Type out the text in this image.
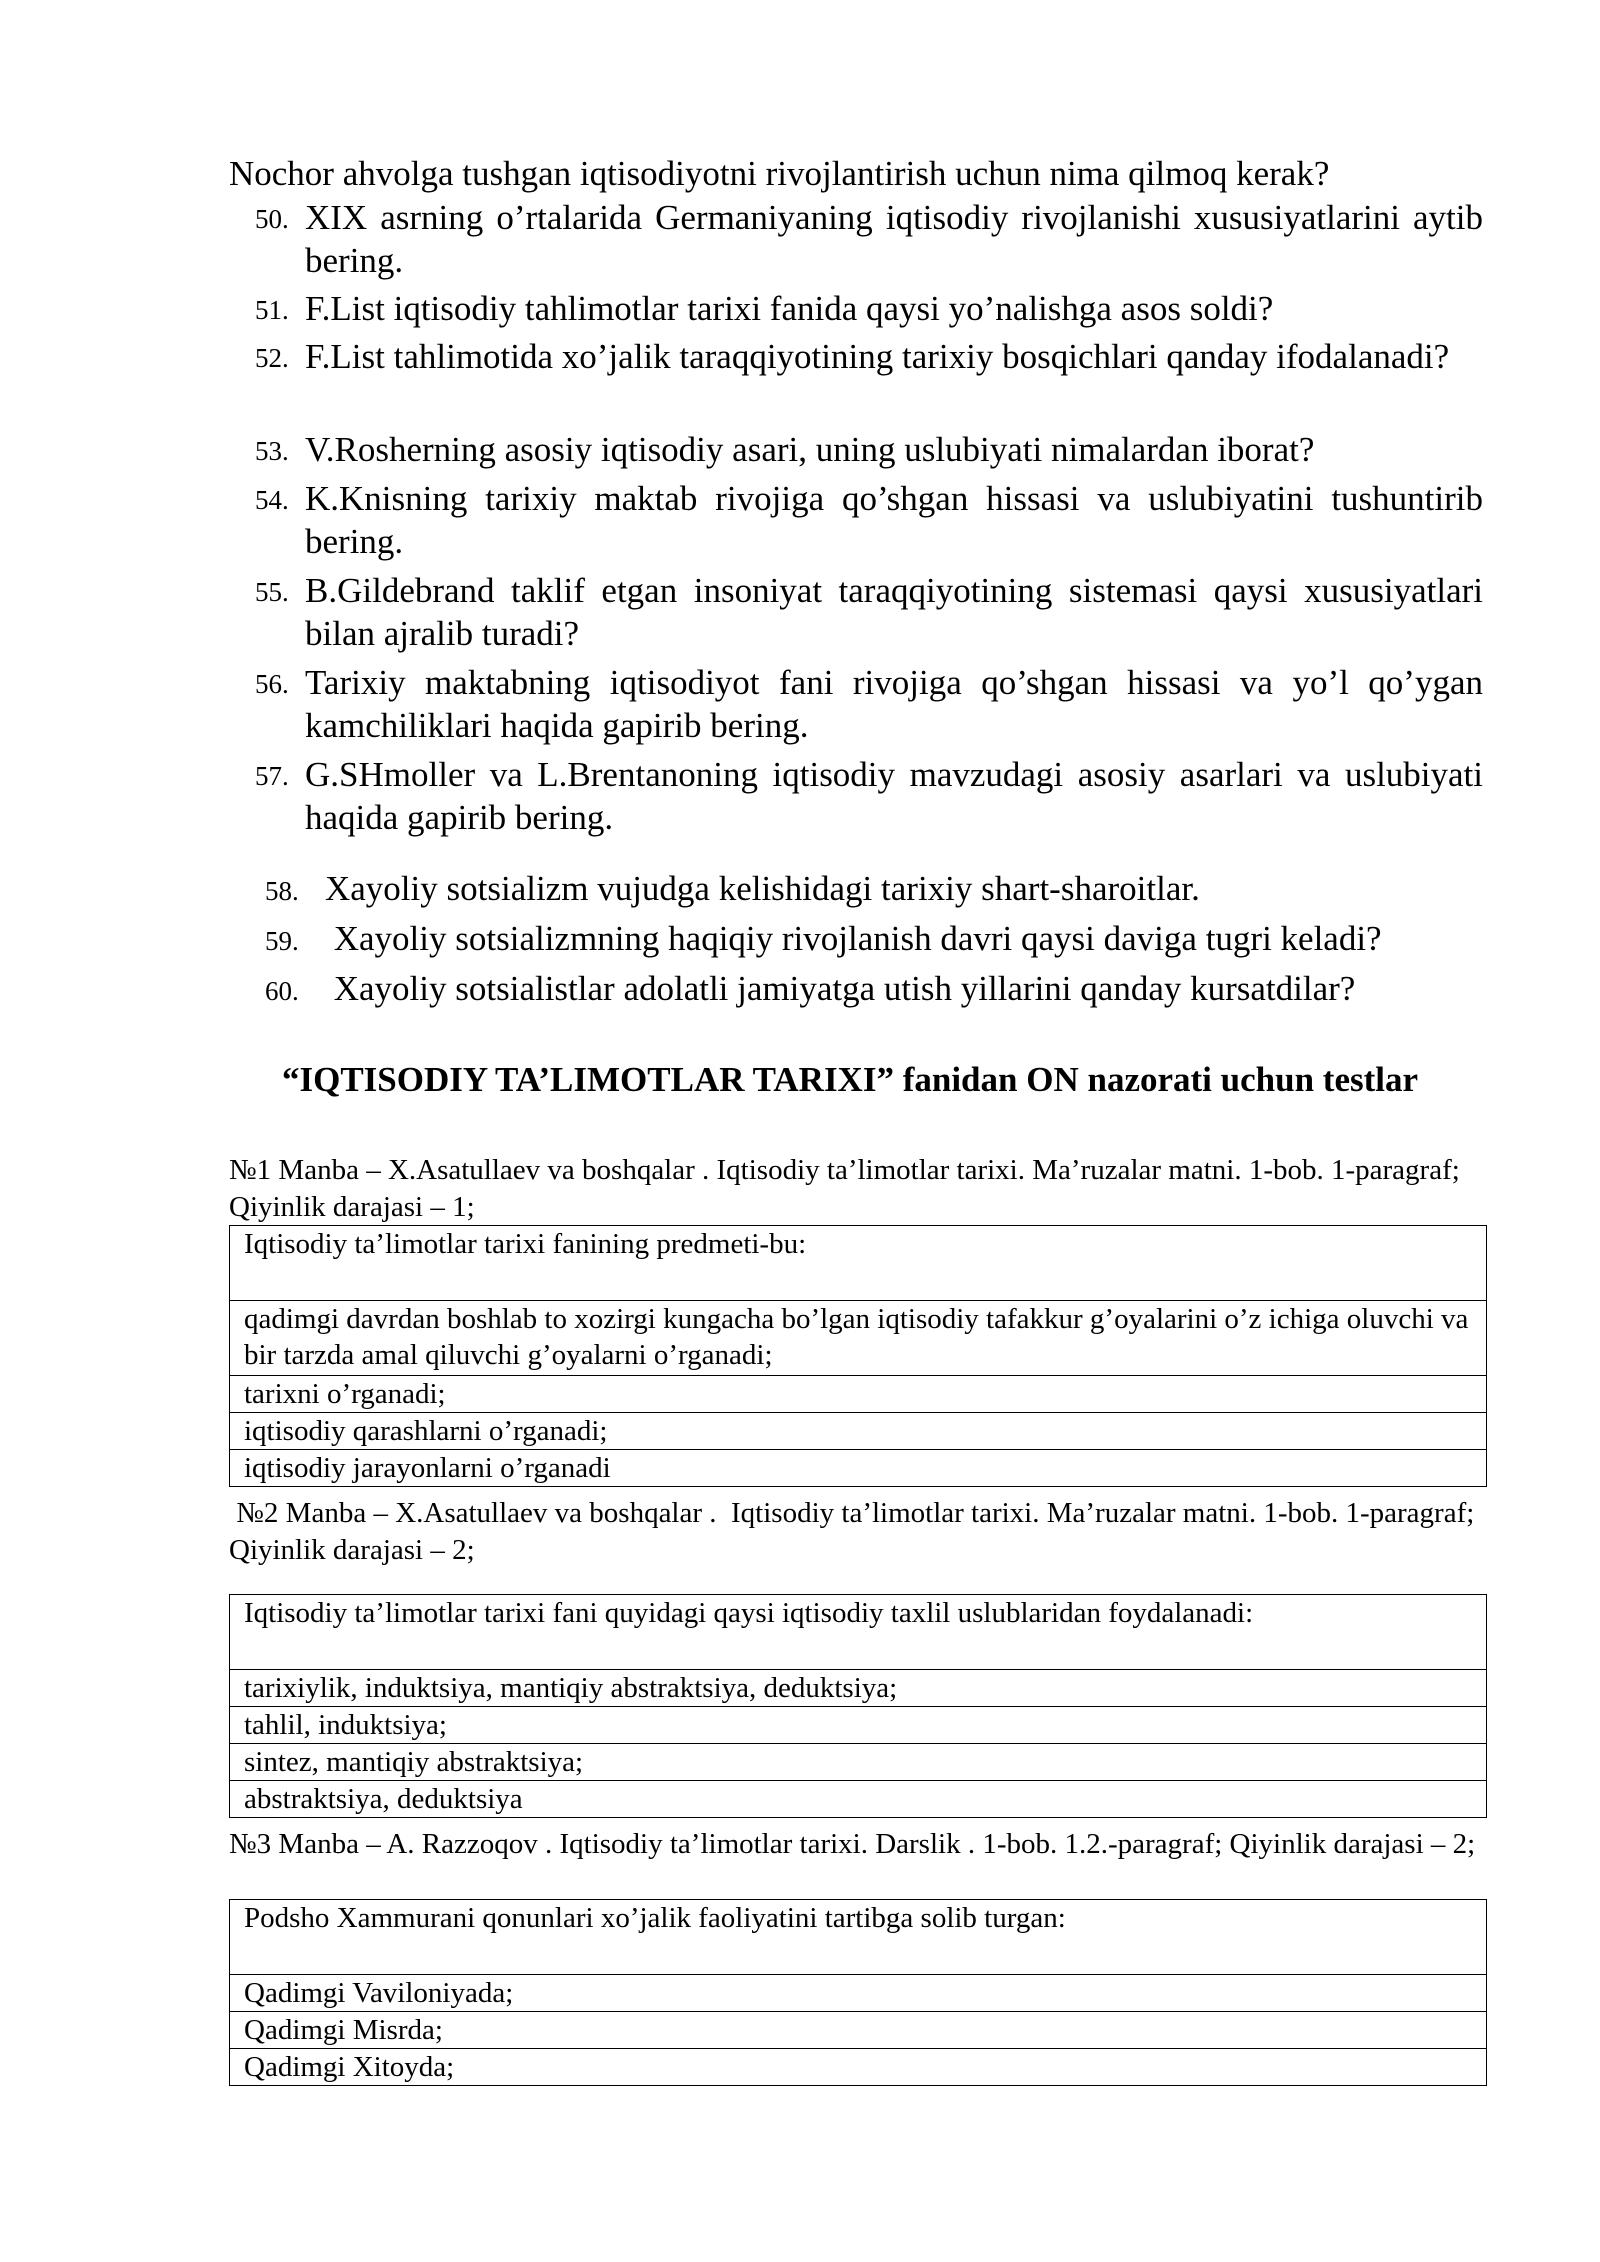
Nochor ahvolga tushgan iqtisodiyotni rivojlantirish uchun nima qilmoq kerak?
50. XIX asrning o’rtalarida Germaniyaning iqtisodiy rivojlanishi xususiyatlarini aytib bering.
51. F.List iqtisodiy tahlimotlar tarixi fanida qaysi yo’nalishga asos soldi?
52. F.List tahlimotida xo’jalik taraqqiyotining tarixiy bosqichlari qanday ifodalanadi?
53. V.Rosherning asosiy iqtisodiy asari, uning uslubiyati nimalardan iborat?
54. K.Knisning tarixiy maktab rivojiga qo’shgan hissasi va uslubiyatini tushuntirib bering.
55. B.Gildebrand taklif etgan insoniyat taraqqiyotining sistemasi qaysi xususiyatlari bilan ajralib turadi?
56. Tarixiy maktabning iqtisodiyot fani rivojiga qo’shgan hissasi va yo’l qo’ygan kamchiliklari haqida gapirib bering.
57. G.SHmoller va L.Brentanoning iqtisodiy mavzudagi asosiy asarlari va uslubiyati haqida gapirib bering.
58. Xayoliy sotsializm vujudga kelishidagi tarixiy shart-sharoitlar.
59. Xayoliy sotsializmning haqiqiy rivojlanish davri qaysi daviga tugri keladi?
60. Xayoliy sotsialistlar adolatli jamiyatga utish yillarini qanday kursatdilar?
“IQTISODIY TA’LIMOTLAR TARIXI” fanidan ON nazorati uchun testlar
№1 Manba – X.Asatullaev va boshqalar . Iqtisodiy ta’limotlar tarixi. Ma’ruzalar matni. 1-bob. 1-paragraf; Qiyinlik darajasi – 1;
Iqtisodiy ta’limotlar tarixi fanining predmeti-bu:
qadimgi davrdan boshlab to xozirgi kungacha bo’lgan iqtisodiy tafakkur g’oyalarini o’z ichiga oluvchi va bir tarzda amal qiluvchi g’oyalarni o’rganadi;
tarixni o’rganadi;
iqtisodiy qarashlarni o’rganadi;
iqtisodiy jarayonlarni o’rganadi
№2 Manba – X.Asatullaev va boshqalar .  Iqtisodiy ta’limotlar tarixi. Ma’ruzalar matni. 1-bob. 1-paragraf; Qiyinlik darajasi – 2;
Iqtisodiy ta’limotlar tarixi fani quyidagi qaysi iqtisodiy taxlil uslublaridan foydalanadi:
tarixiylik, induktsiya, mantiqiy abstraktsiya, deduktsiya;
tahlil, induktsiya;
sintez, mantiqiy abstraktsiya;
abstraktsiya, deduktsiya
№3 Manba – A. Razzoqov . Iqtisodiy ta’limotlar tarixi. Darslik . 1-bob. 1.2.-paragraf; Qiyinlik darajasi – 2;
Podsho Xammurani qonunlari xo’jalik faoliyatini tartibga solib turgan:
Qadimgi Vaviloniyada;
Qadimgi Misrda;
Qadimgi Xitoyda;
